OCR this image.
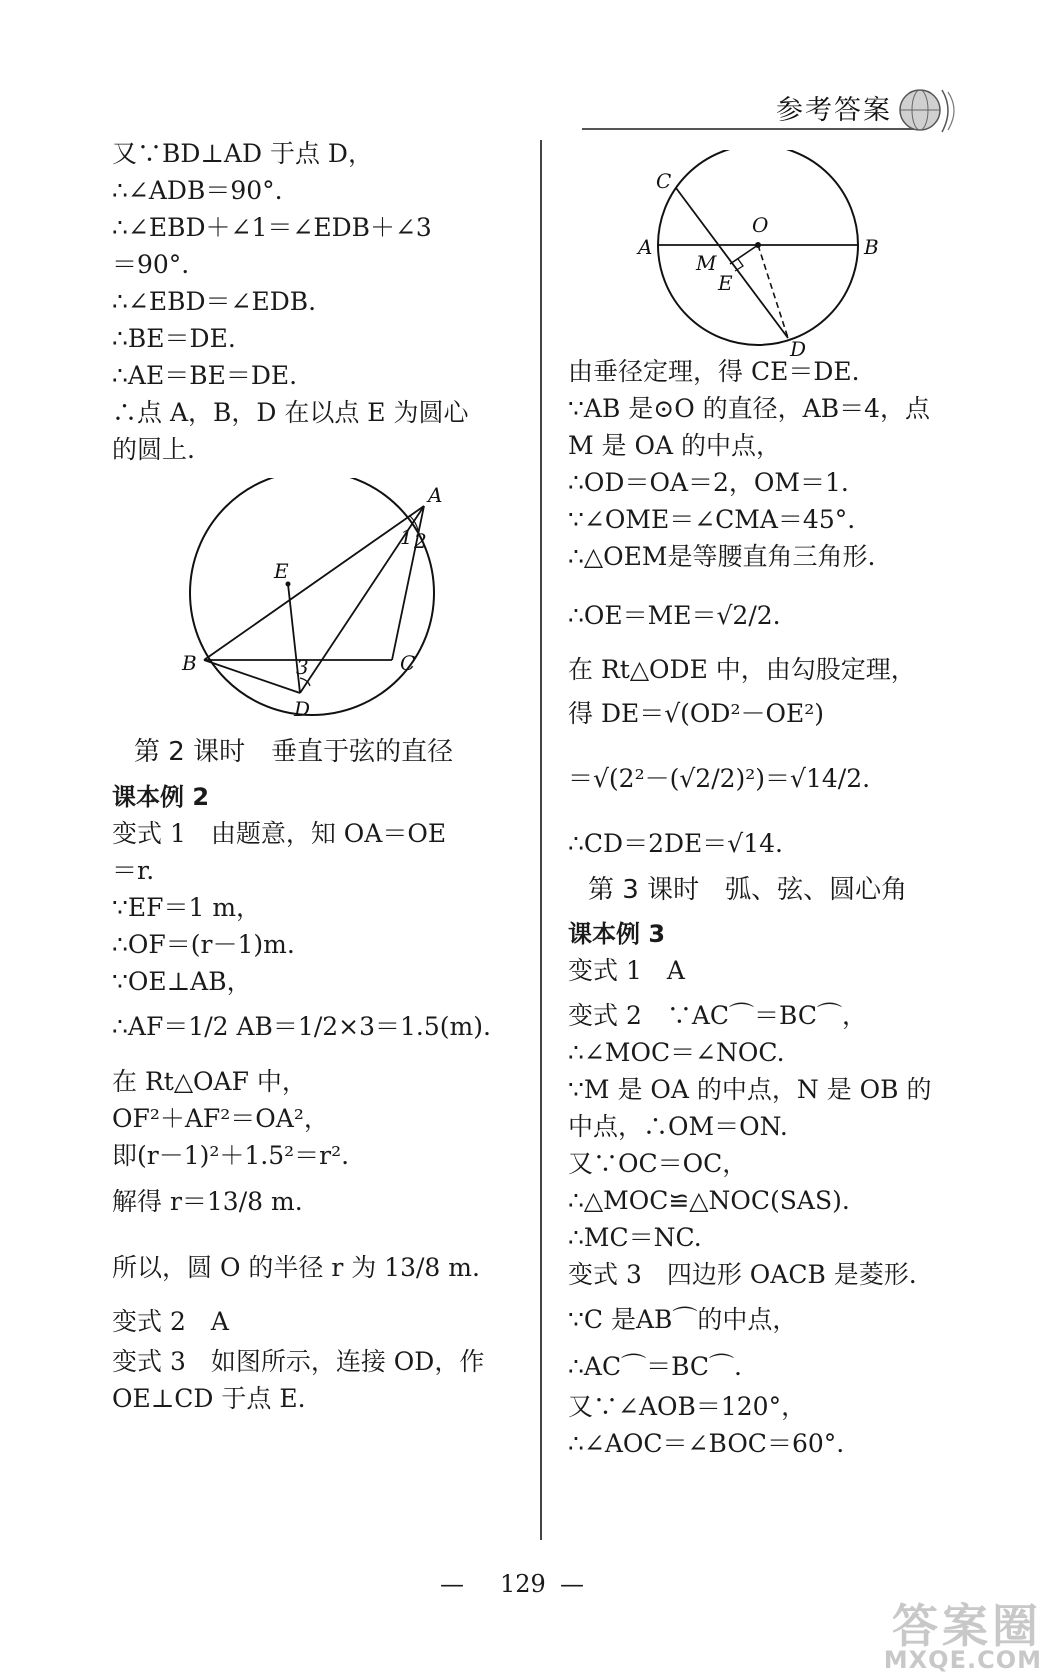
参考答案
又∵BD⊥AD 于点 D，
∴∠ADB＝90°.
∴∠EBD＋∠1＝∠EDB＋∠3
＝90°.
∴∠EBD＝∠EDB.
∴BE＝DE.
∴AE＝BE＝DE.
∴点 A，B，D 在以点 E 为圆心
的圆上.
A
B	C
D
E
1 2
3
第 2 课时　垂直于弦的直径
课本例 2
变式 1　由题意，知 OA＝OE
＝r.
∵EF＝1 m，
∴OF＝(r－1)m.
∵OE⊥AB，
∴AF＝1/2 AB＝1/2×3＝1.5(m).
在 Rt△OAF 中，
OF²＋AF²＝OA²，
即(r－1)²＋1.5²＝r².
解得 r＝13/8 m.
所以，圆 O 的半径 r 为 13/8 m.
变式 2　A
变式 3　如图所示，连接 OD，作
OE⊥CD 于点 E.
C
A	B
O
M
E
D
由垂径定理，得 CE＝DE.
∵AB 是⊙O 的直径，AB＝4，点
M 是 OA 的中点，
∴OD＝OA＝2，OM＝1.
∵∠OME＝∠CMA＝45°.
∴△OEM是等腰直角三角形.
∴OE＝ME＝√2/2.
在 Rt△ODE 中，由勾股定理，
得 DE＝√(OD²－OE²)
＝√(2²－(√2/2)²)＝√14/2.
∴CD＝2DE＝√14.
第 3 课时　弧、弦、圆心角
课本例 3
变式 1　A
变式 2　∵AC⌒＝BC⌒，
∴∠MOC＝∠NOC.
∵M 是 OA 的中点，N 是 OB 的
中点，∴OM＝ON.
又∵OC＝OC，
∴△MOC≌△NOC(SAS).
∴MC＝NC.
变式 3　四边形 OACB 是菱形.
∵C 是AB⌒的中点，
∴AC⌒＝BC⌒.
又∵∠AOB＝120°，
∴∠AOC＝∠BOC＝60°.
— 129 —
答案圈
MXQE.COM
